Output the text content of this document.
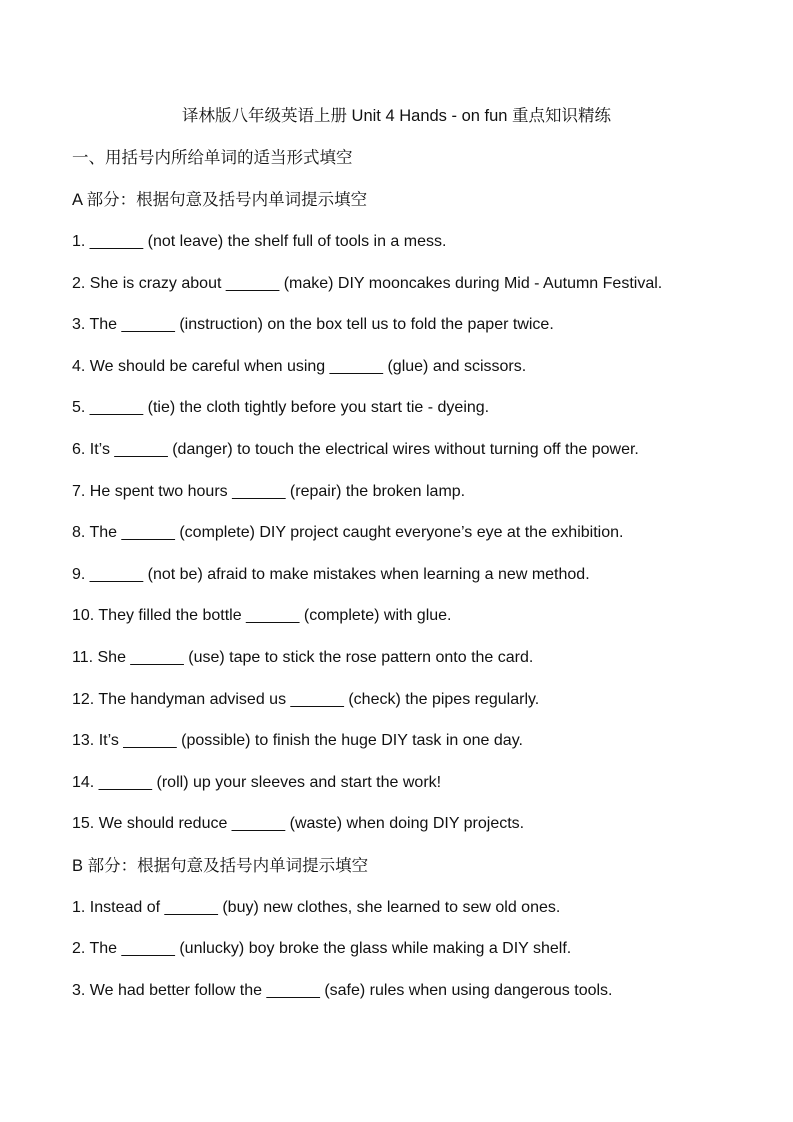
译林版八年级英语上册 Unit 4 Hands - on fun 重点知识精练
一、用括号内所给单词的适当形式填空
A 部分：根据句意及括号内单词提示填空
1. ______ (not leave) the shelf full of tools in a mess.
2. She is crazy about ______ (make) DIY mooncakes during Mid - Autumn Festival.
3. The ______ (instruction) on the box tell us to fold the paper twice.
4. We should be careful when using ______ (glue) and scissors.
5. ______ (tie) the cloth tightly before you start tie - dyeing.
6. It’s ______ (danger) to touch the electrical wires without turning off the power.
7. He spent two hours ______ (repair) the broken lamp.
8. The ______ (complete) DIY project caught everyone’s eye at the exhibition.
9. ______ (not be) afraid to make mistakes when learning a new method.
10. They filled the bottle ______ (complete) with glue.
11. She ______ (use) tape to stick the rose pattern onto the card.
12. The handyman advised us ______ (check) the pipes regularly.
13. It’s ______ (possible) to finish the huge DIY task in one day.
14. ______ (roll) up your sleeves and start the work!
15. We should reduce ______ (waste) when doing DIY projects.
B 部分：根据句意及括号内单词提示填空
1. Instead of ______ (buy) new clothes, she learned to sew old ones.
2. The ______ (unlucky) boy broke the glass while making a DIY shelf.
3. We had better follow the ______ (safe) rules when using dangerous tools.
